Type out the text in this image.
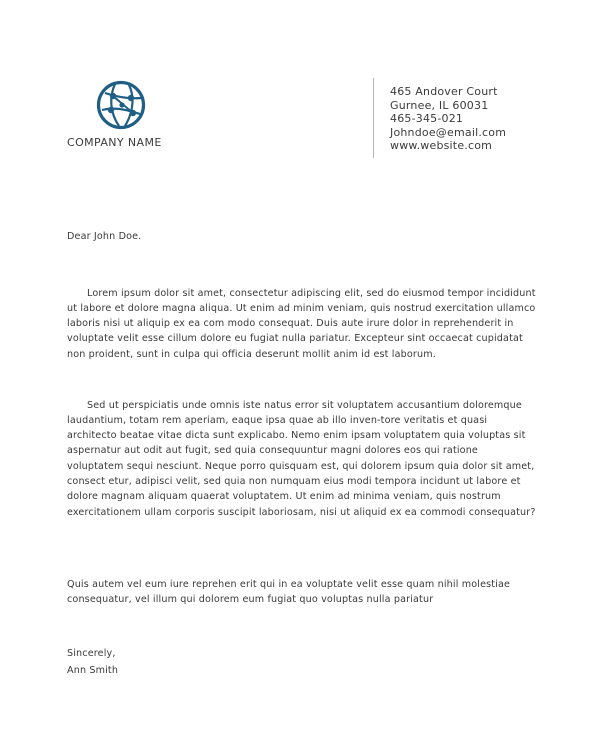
COMPANY NAME
465 Andover Court
Gurnee, IL 60031
465-345-021
Johndoe@email.com
www.website.com
Dear John Doe.

Lorem ipsum dolor sit amet, consectetur adipiscing elit, sed do eiusmod tempor incididunt ut labore et dolore magna aliqua. Ut enim ad minim veniam, quis nostrud exercitation ullamco laboris nisi ut aliquip ex ea com modo consequat. Duis aute irure dolor in reprehenderit in voluptate velit esse cillum dolore eu fugiat nulla pariatur. Excepteur sint occaecat cupidatat non proident, sunt in culpa qui officia deserunt mollit anim id est laborum.

Sed ut perspiciatis unde omnis iste natus error sit voluptatem accusantium doloremque laudantium, totam rem aperiam, eaque ipsa quae ab illo inven-tore veritatis et quasi architecto beatae vitae dicta sunt explicabo. Nemo enim ipsam voluptatem quia voluptas sit aspernatur aut odit aut fugit, sed quia consequuntur magni dolores eos qui ratione voluptatem sequi nesciunt. Neque porro quisquam est, qui dolorem ipsum quia dolor sit amet, consect etur, adipisci velit, sed quia non numquam eius modi tempora incidunt ut labore et dolore magnam aliquam quaerat voluptatem. Ut enim ad minima veniam, quis nostrum exercitationem ullam corporis suscipit laboriosam, nisi ut aliquid ex ea commodi consequatur?

Quis autem vel eum iure reprehen erit qui in ea voluptate velit esse quam nihil molestiae consequatur, vel illum qui dolorem eum fugiat quo voluptas nulla pariatur

Sincerely,
Ann Smith
